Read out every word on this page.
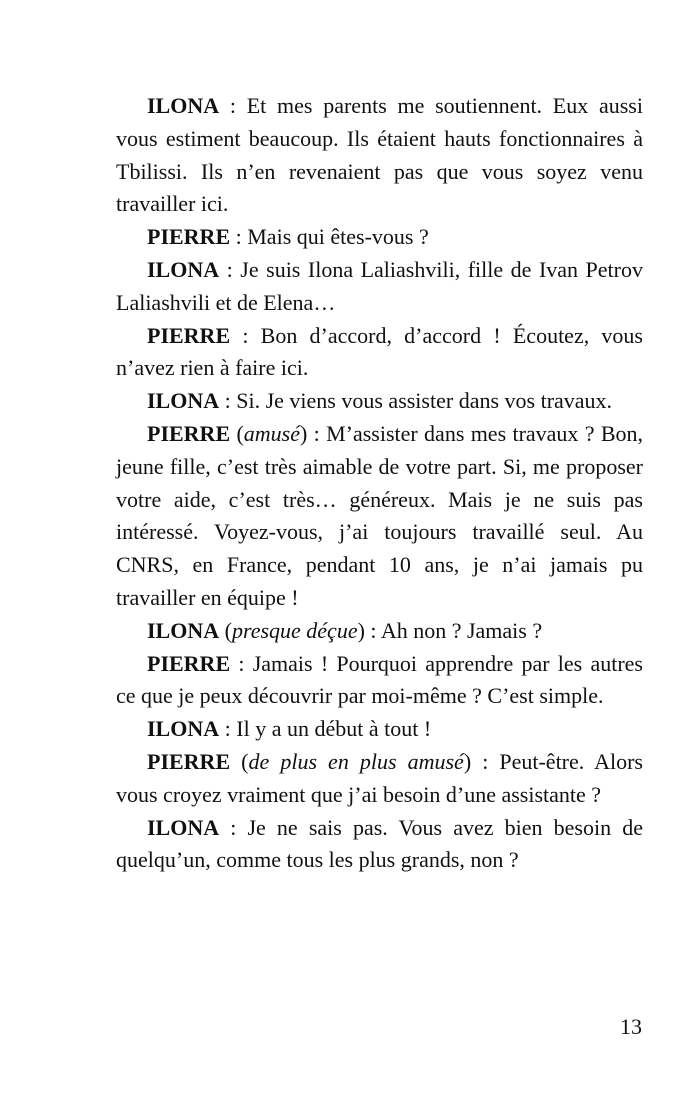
ILONA : Et mes parents me soutiennent. Eux aussi vous estiment beaucoup. Ils étaient hauts fonctionnaires à Tbilissi. Ils n’en revenaient pas que vous soyez venu travailler ici.

PIERRE : Mais qui êtes-vous ?

ILONA : Je suis Ilona Laliashvili, fille de Ivan Petrov Laliashvili et de Elena…

PIERRE : Bon d’accord, d’accord ! Écoutez, vous n’avez rien à faire ici.

ILONA : Si. Je viens vous assister dans vos travaux.

PIERRE (amusé) : M’assister dans mes travaux ? Bon, jeune fille, c’est très aimable de votre part. Si, me proposer votre aide, c’est très… généreux. Mais je ne suis pas intéressé. Voyez-vous, j’ai toujours travaillé seul. Au CNRS, en France, pendant 10 ans, je n’ai jamais pu travailler en équipe !

ILONA (presque déçue) : Ah non ? Jamais ?

PIERRE : Jamais ! Pourquoi apprendre par les autres ce que je peux découvrir par moi-même ? C’est simple.

ILONA : Il y a un début à tout !

PIERRE (de plus en plus amusé) : Peut-être. Alors vous croyez vraiment que j’ai besoin d’une assistante ?

ILONA : Je ne sais pas. Vous avez bien besoin de quelqu’un, comme tous les plus grands, non ?

13
